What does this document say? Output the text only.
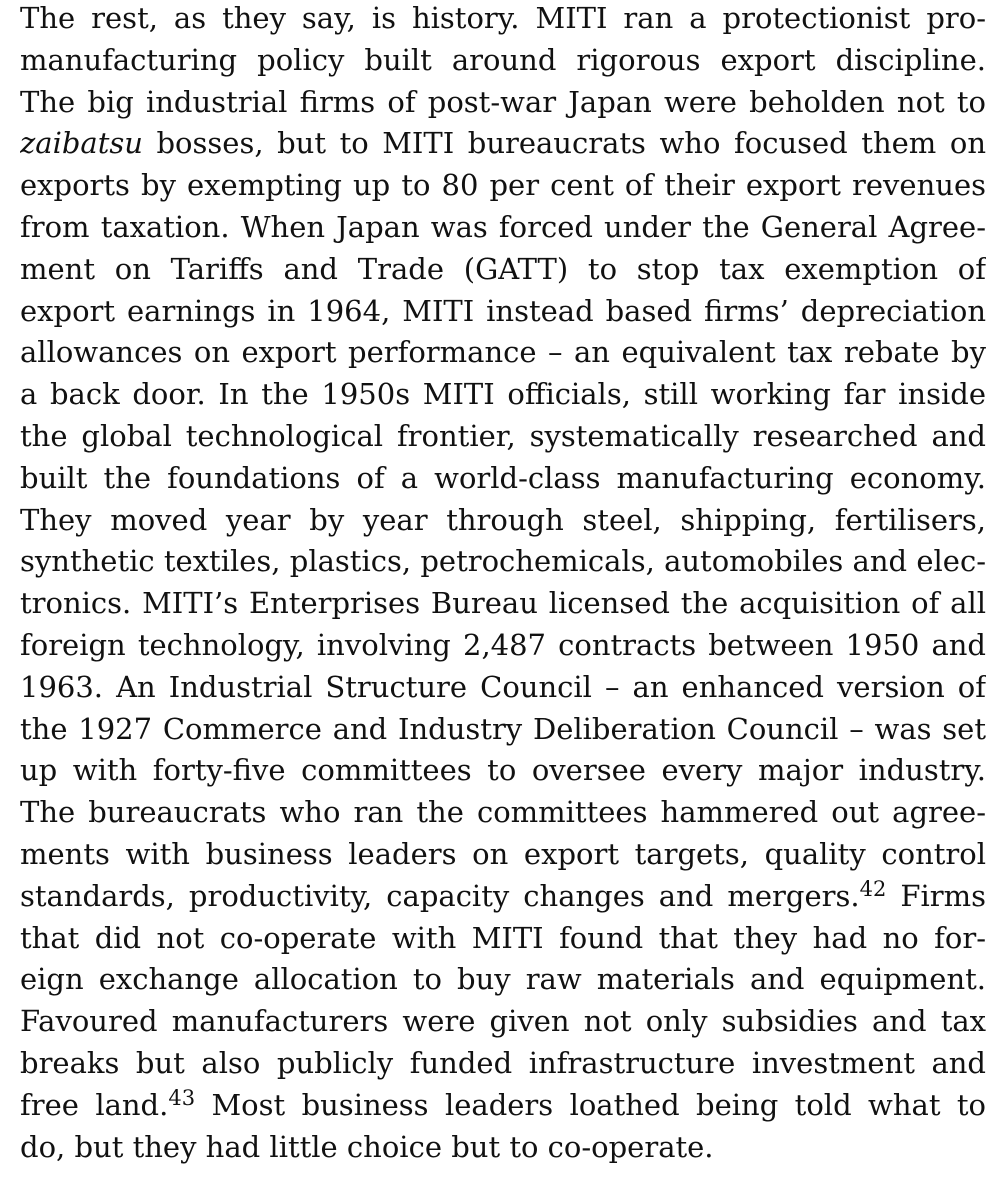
The rest, as they say, is history. MITI ran a protectionist pro-
manufacturing policy built around rigorous export discipline.
The big industrial firms of post-war Japan were beholden not to
zaibatsu bosses, but to MITI bureaucrats who focused them on
exports by exempting up to 80 per cent of their export revenues
from taxation. When Japan was forced under the General Agree-
ment on Tariffs and Trade (GATT) to stop tax exemption of
export earnings in 1964, MITI instead based firms’ depreciation
allowances on export performance – an equivalent tax rebate by
a back door. In the 1950s MITI officials, still working far inside
the global technological frontier, systematically researched and
built the foundations of a world-class manufacturing economy.
They moved year by year through steel, shipping, fertilisers,
synthetic textiles, plastics, petrochemicals, automobiles and elec-
tronics. MITI’s Enterprises Bureau licensed the acquisition of all
foreign technology, involving 2,487 contracts between 1950 and
1963. An Industrial Structure Council – an enhanced version of
the 1927 Commerce and Industry Deliberation Council – was set
up with forty-five committees to oversee every major industry.
The bureaucrats who ran the committees hammered out agree-
ments with business leaders on export targets, quality control
standards, productivity, capacity changes and mergers.$^{42}$ Firms
that did not co-operate with MITI found that they had no for-
eign exchange allocation to buy raw materials and equipment.
Favoured manufacturers were given not only subsidies and tax
breaks but also publicly funded infrastructure investment and
free land.$^{43}$ Most business leaders loathed being told what to
do, but they had little choice but to co-operate.
